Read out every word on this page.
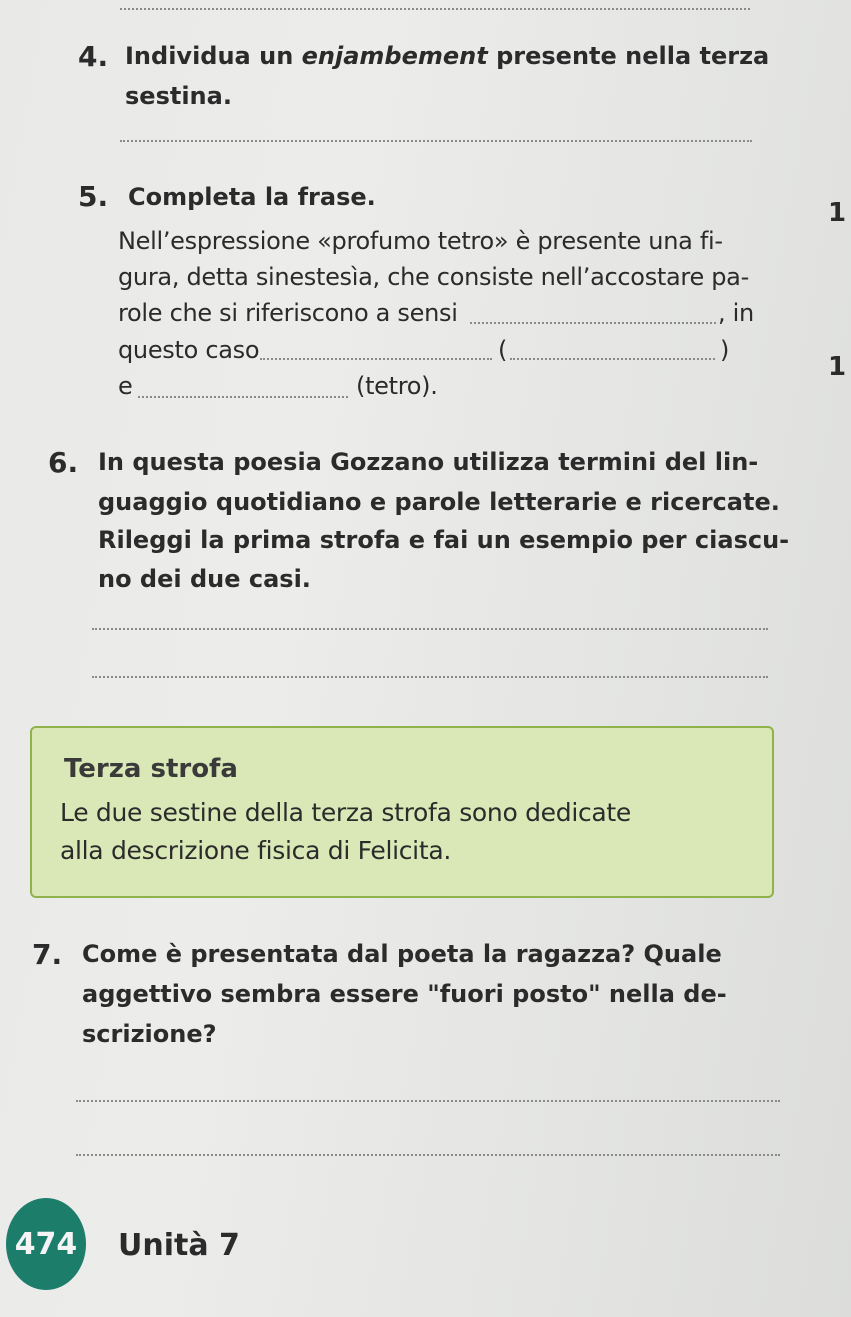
4. Individua un enjambement presente nella terza
sestina.
5. Completa la frase.
Nell’espressione «profumo tetro» è presente una fi-
gura, detta sinestesìa, che consiste nell’accostare pa-
role che si riferiscono a sensi	, in
questo caso	(	)
e	(tetro).
1
1
6. In questa poesia Gozzano utilizza termini del lin-
guaggio quotidiano e parole letterarie e ricercate.
Rileggi la prima strofa e fai un esempio per ciascu-
no dei due casi.
Terza strofa
Le due sestine della terza strofa sono dedicate
alla descrizione fisica di Felicita.
7. Come è presentata dal poeta la ragazza? Quale
aggettivo sembra essere "fuori posto" nella de-
scrizione?
474 Unità 7
